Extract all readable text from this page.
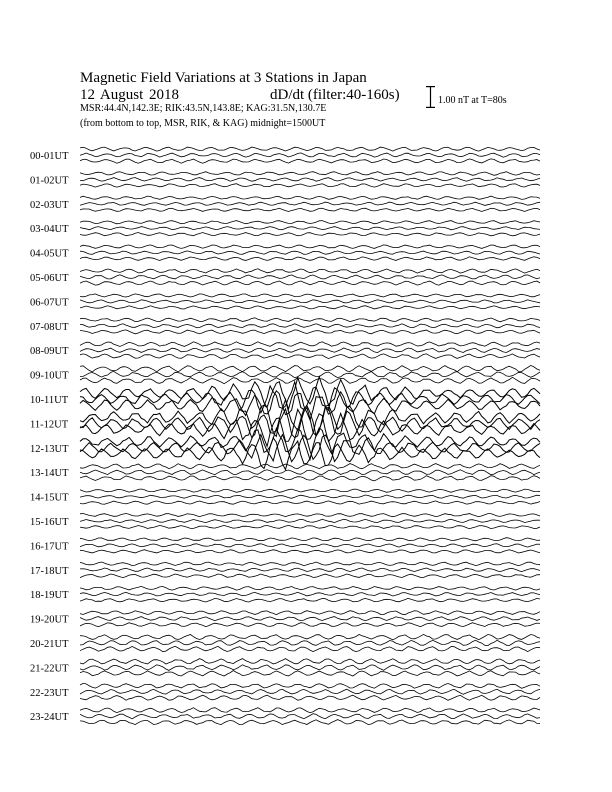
Magnetic Field Variations at 3 Stations in Japan
12 August 2018	dD/dt (filter:40-160s)
MSR:44.4N,142.3E; RIK:43.5N,143.8E; KAG:31.5N,130.7E
(from bottom to top, MSR, RIK, & KAG) midnight=1500UT
1.00 nT at T=80s
00-01UT
01-02UT
02-03UT
03-04UT
04-05UT
05-06UT
06-07UT
07-08UT
08-09UT
09-10UT
10-11UT
11-12UT
12-13UT
13-14UT
14-15UT
15-16UT
16-17UT
17-18UT
18-19UT
19-20UT
20-21UT
21-22UT
22-23UT
23-24UT
